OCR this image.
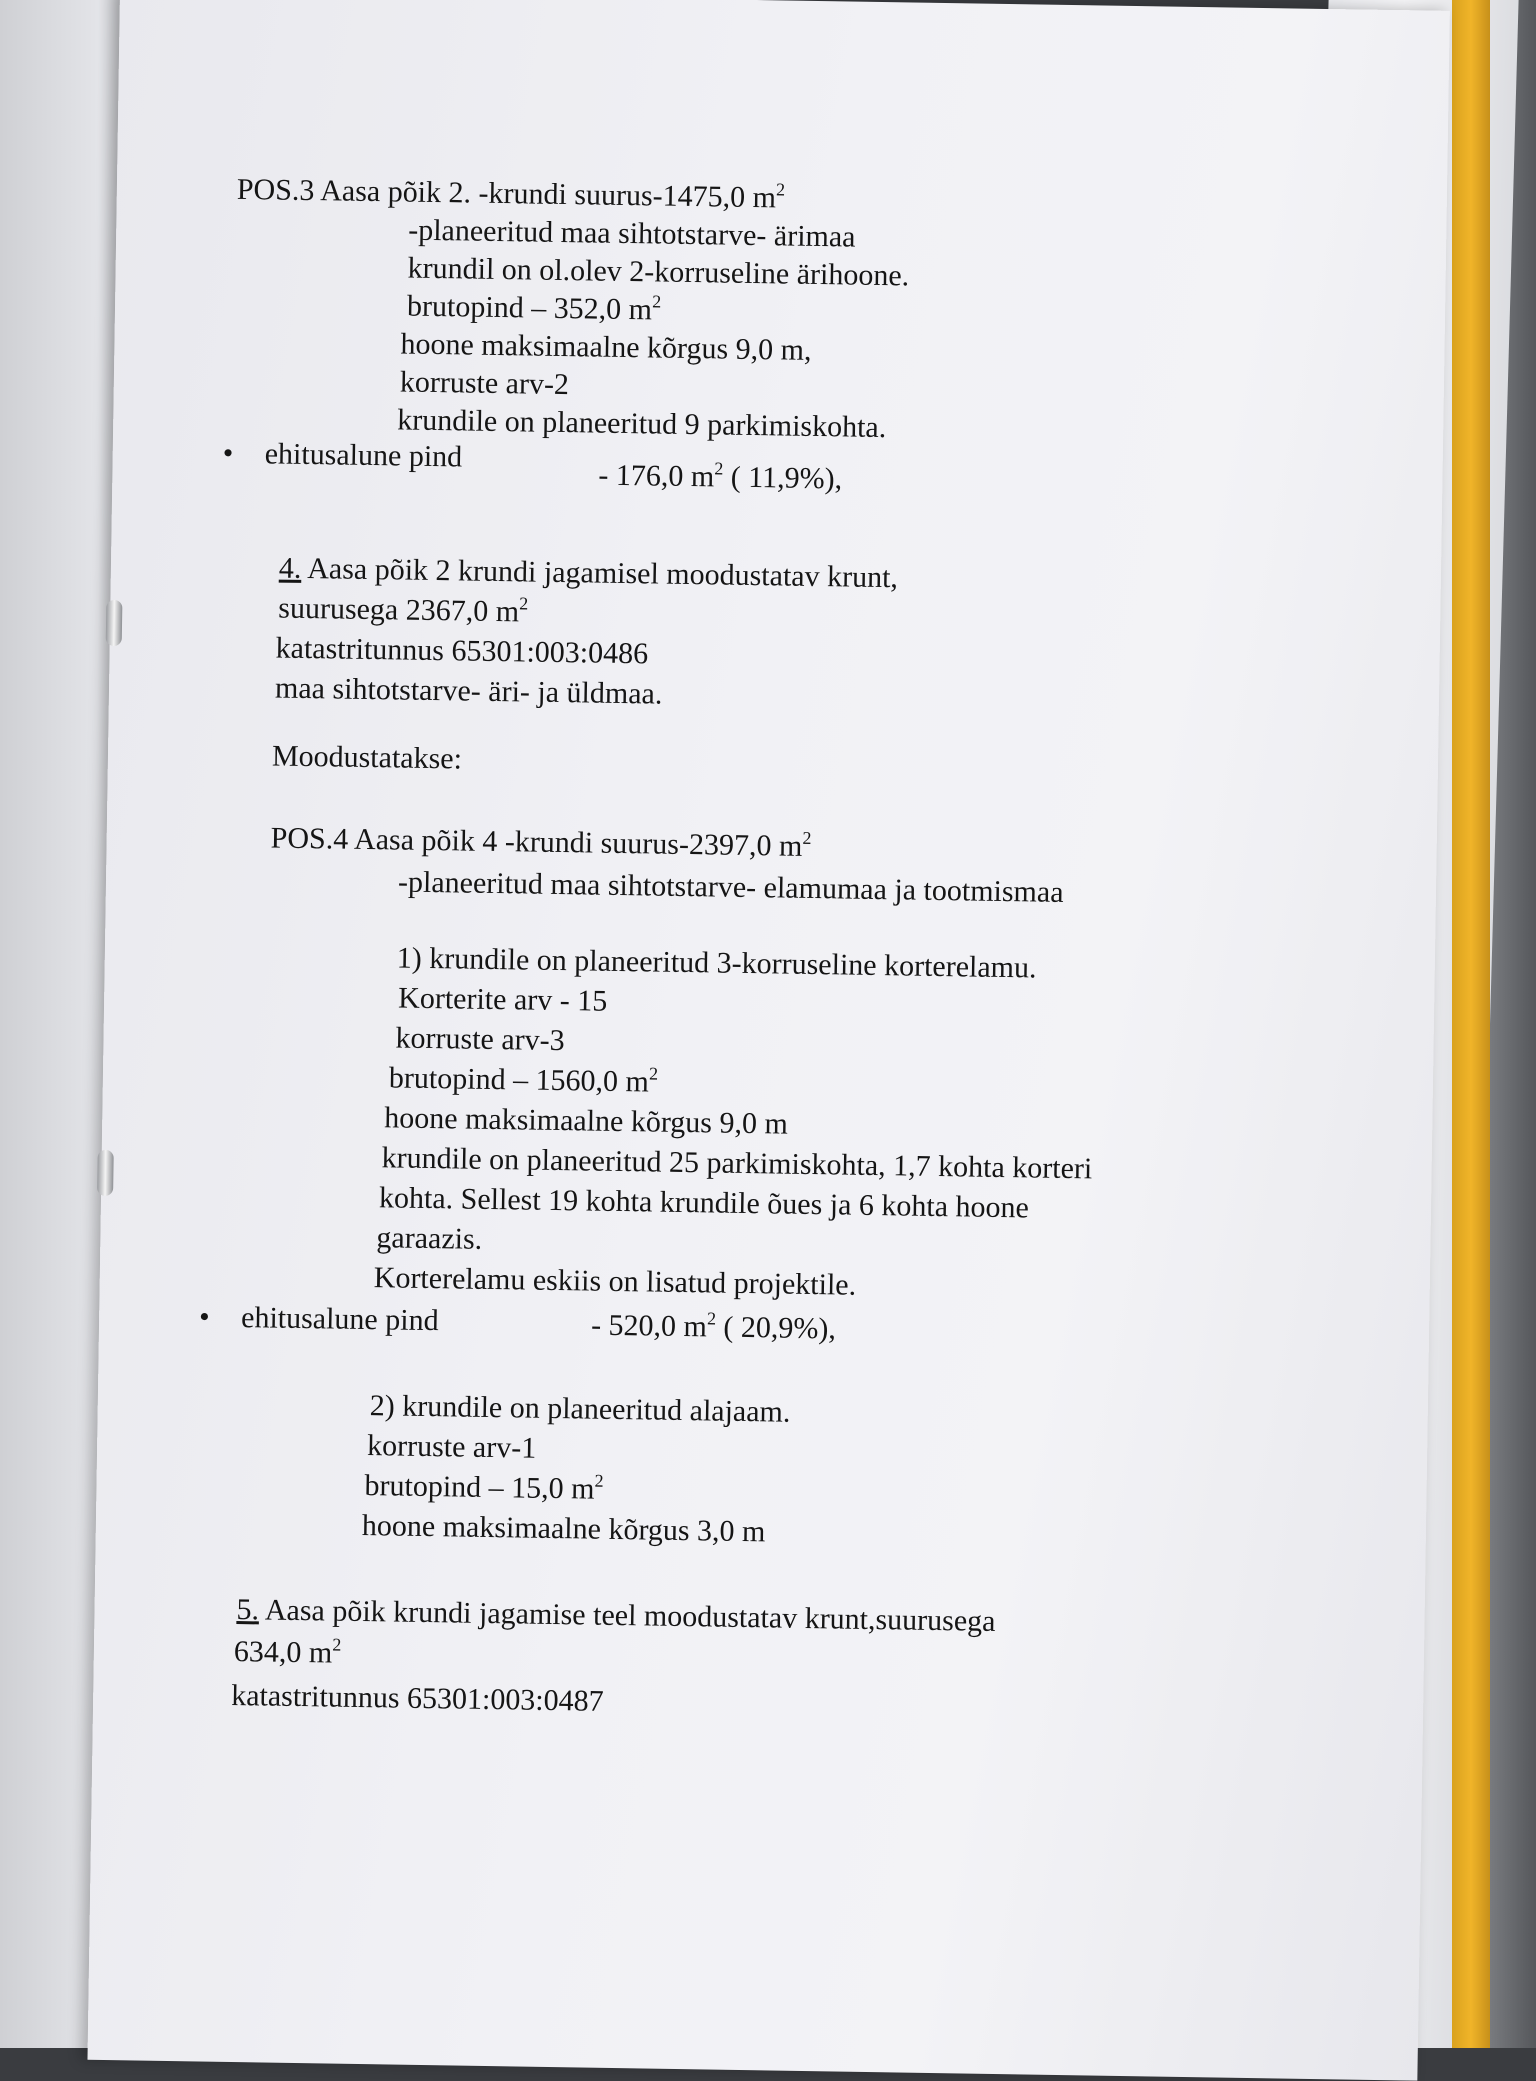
POS.3 Aasa põik 2. -krundi suurus-1475,0 $m^2$
-planeeritud maa sihtotstarve- ärimaa
krundil on ol.olev 2-korruseline ärihoone.
brutopind – 352,0 $m^2$
hoone maksimaalne kõrgus 9,0 m,
korruste arv-2
krundile on planeeritud 9 parkimiskohta.
• ehitusalune pind
- 176,0 $m^2$ ( 11,9%),
4. Aasa põik 2 krundi jagamisel moodustatav krunt,
suurusega 2367,0 $m^2$
katastritunnus 65301:003:0486
maa sihtotstarve- äri- ja üldmaa.
Moodustatakse:
POS.4 Aasa põik 4 -krundi suurus-2397,0 $m^2$
-planeeritud maa sihtotstarve- elamumaa ja tootmismaa
1) krundile on planeeritud 3-korruseline korterelamu.
Korterite arv - 15
korruste arv-3
brutopind – 1560,0 $m^2$
hoone maksimaalne kõrgus 9,0 m
krundile on planeeritud 25 parkimiskohta, 1,7 kohta korteri
kohta. Sellest 19 kohta krundile õues ja 6 kohta hoone
garaazis.
Korterelamu eskiis on lisatud projektile.
• ehitusalune pind	- 520,0 $m^2$ ( 20,9%),
2) krundile on planeeritud alajaam.
korruste arv-1
brutopind – 15,0 $m^2$
hoone maksimaalne kõrgus 3,0 m
5. Aasa põik krundi jagamise teel moodustatav krunt,suurusega
634,0 $m^2$
katastritunnus 65301:003:0487
